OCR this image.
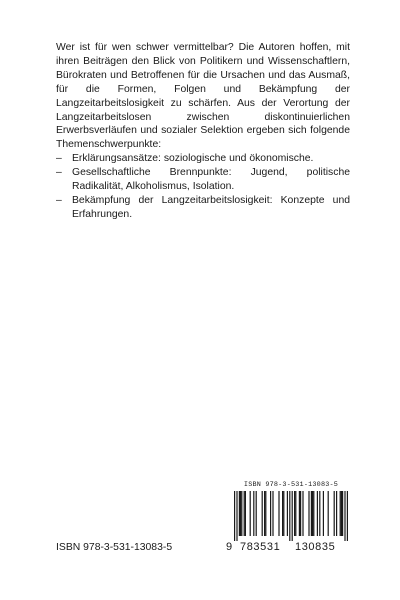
Wer ist für wen schwer vermittelbar? Die Autoren hoffen, mit ihren Beiträgen den Blick von Politikern und Wissenschaftlern, Bürokraten und Betroffenen für die Ursachen und das Ausmaß, für die Formen, Folgen und Bekämpfung der Langzeitarbeitslosigkeit zu schärfen. Aus der Verortung der Langzeitarbeitslosen zwischen diskontinuierlichen Erwerbsverläufen und sozialer Selektion ergeben sich folgende Themenschwerpunkte:

– Erklärungsansätze: soziologische und ökonomische.
– Gesellschaftliche Brennpunkte: Jugend, politische Radikalität, Alkoholismus, Isolation.
– Bekämpfung der Langzeitarbeitslosigkeit: Konzepte und Erfahrungen.
ISBN 978-3-531-13083-5
ISBN 978-3-531-13083-5
9 783531 130835
